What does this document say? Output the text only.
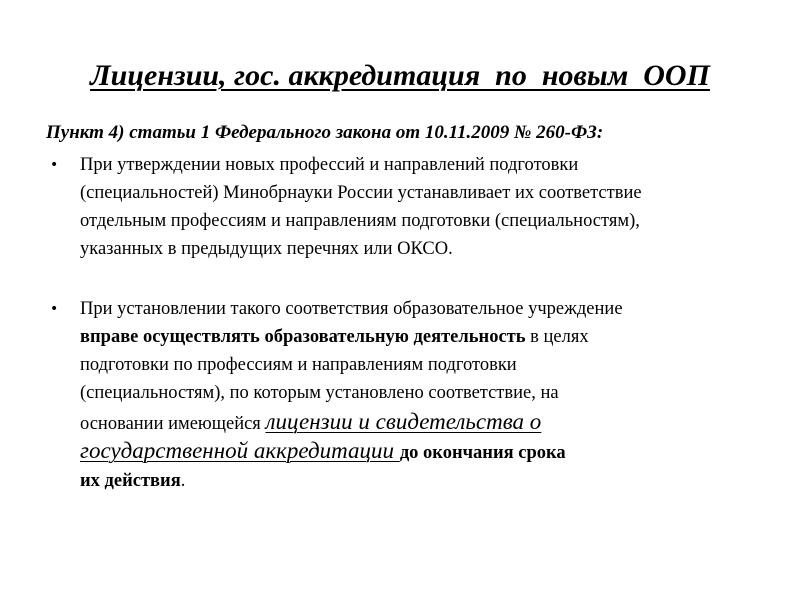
Лицензии, гос. аккредитация  по  новым  ООП
Пункт 4) статьи 1 Федерального закона от 10.11.2009 № 260-ФЗ:
• При утверждении новых профессий и направлений подготовки
(специальностей) Минобрнауки России устанавливает их соответствие
отдельным профессиям и направлениям подготовки (специальностям),
указанных в предыдущих перечнях или ОКСО.
• При установлении такого соответствия образовательное учреждение
вправе осуществлять образовательную деятельность в целях
подготовки по профессиям и направлениям подготовки
(специальностям), по которым установлено соответствие, на
основании имеющейся лицензии и свидетельства о
государственной аккредитации до окончания срока
их действия.
